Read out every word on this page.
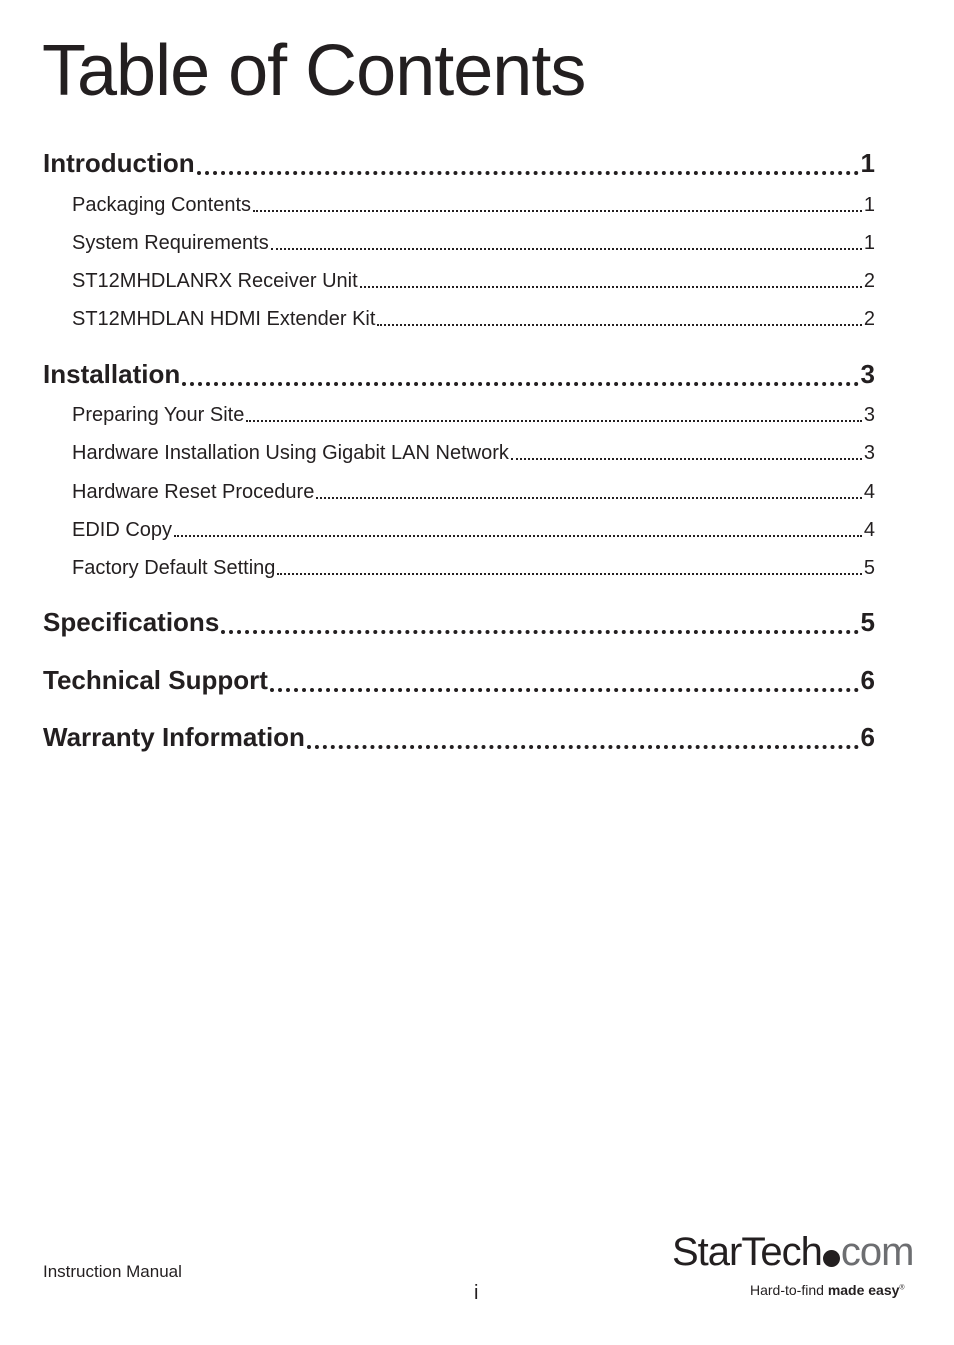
Table of Contents
Introduction	1
Packaging Contents	1
System Requirements	1
ST12MHDLANRX Receiver Unit	2
ST12MHDLAN HDMI Extender Kit	2
Installation	3
Preparing Your Site	3
Hardware Installation Using Gigabit LAN Network	3
Hardware Reset Procedure	4
EDID Copy	4
Factory Default Setting	5
Specifications	5
Technical Support	6
Warranty Information	6
Instruction Manual
i
StarTech com
Hard-to-find made easy®
